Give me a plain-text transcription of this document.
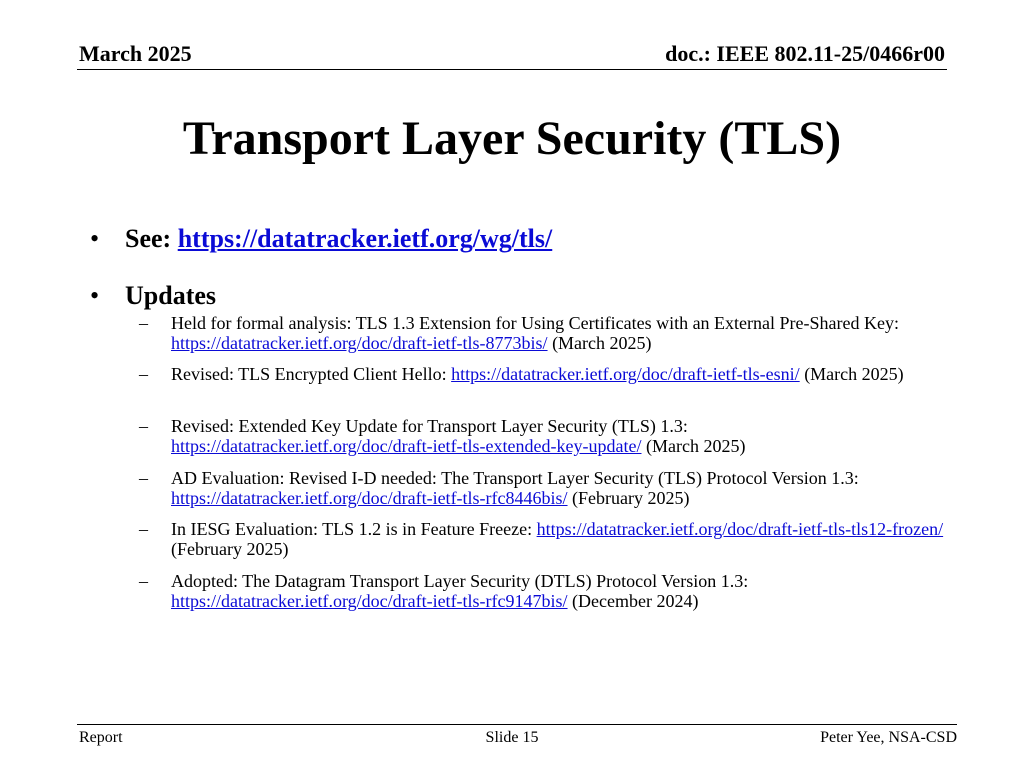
March 2025	doc.: IEEE 802.11-25/0466r00
Transport Layer Security (TLS)
• See: https://datatracker.ietf.org/wg/tls/
• Updates
– Held for formal analysis: TLS 1.3 Extension for Using Certificates with an External Pre-Shared Key: https://datatracker.ietf.org/doc/draft-ietf-tls-8773bis/ (March 2025)
– Revised: TLS Encrypted Client Hello: https://datatracker.ietf.org/doc/draft-ietf-tls-esni/ (March 2025)
– Revised: Extended Key Update for Transport Layer Security (TLS) 1.3: https://datatracker.ietf.org/doc/draft-ietf-tls-extended-key-update/ (March 2025)
– AD Evaluation: Revised I-D needed: The Transport Layer Security (TLS) Protocol Version 1.3: https://datatracker.ietf.org/doc/draft-ietf-tls-rfc8446bis/ (February 2025)
– In IESG Evaluation: TLS 1.2 is in Feature Freeze: https://datatracker.ietf.org/doc/draft-ietf-tls-tls12-frozen/ (February 2025)
– Adopted: The Datagram Transport Layer Security (DTLS) Protocol Version 1.3: https://datatracker.ietf.org/doc/draft-ietf-tls-rfc9147bis/ (December 2024)
Report	Slide 15	Peter Yee, NSA-CSD
